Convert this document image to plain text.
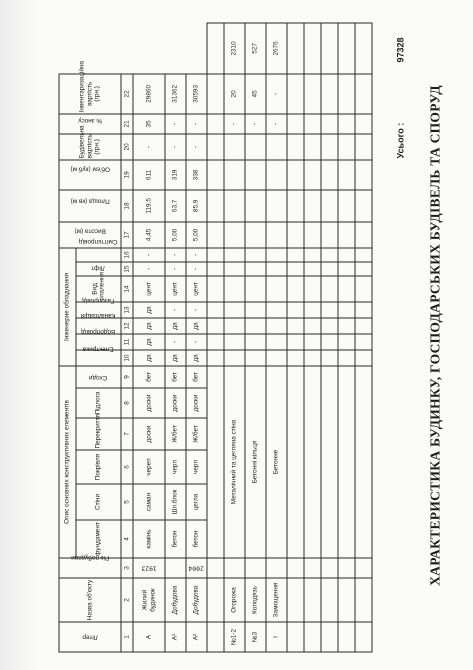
ХАРАКТЕРИСТИКА БУДИНКУ, ГОСПОДАРСЬКИХ БУДІВЕЛЬ ТА СПОРУД
Літер	Назва об'єкту	Рік побудови	Опис основних конструктивних елементів						Інженерне обладнання							Висота (м)	Площа (кв м)	Об'єм (куб м)	Будівельна вартість (грн.)	% зносу	Інвентаризаційна вартість (грн.)	
			фундамент	Стіни	Покрівля	Перекриття	Підлога	Сходи	Електрика	Водопровід	Каналізація	Газопровід	Вид опалення	Ліфт	Сміттєпровід							
1	2	3	4	5	6	7	8	9	10	11	12	13	14	15	16	17	18	19	20	21	22	
А	Жилий будинок	1923	камінь	саман	череп	доски	доски	бет	да	да	да	да	цент	-	-	4,45	119,5	611	-	35	29860	
А¹	Добудова		бетон	Шл.блок	черп	Ж/бет	доски	бет	да	-	да	-	цент	-	-	5,00	63,7	319	-	-	31362	
А²	Добудова	2004	бетон	цегла	черп	Ж/бет	доски	бет	да	-	да	-	цент	-	-	5,00	85,9	338	-	-	30593	

№1-2	Огорожа		Металічний та цегляна стіна																	-	20	2310
№3	Колодязь		Бетонні кільця																	-	45	527
I	Замощення		Бетонне																	-	-	2676

Усього :
97328
